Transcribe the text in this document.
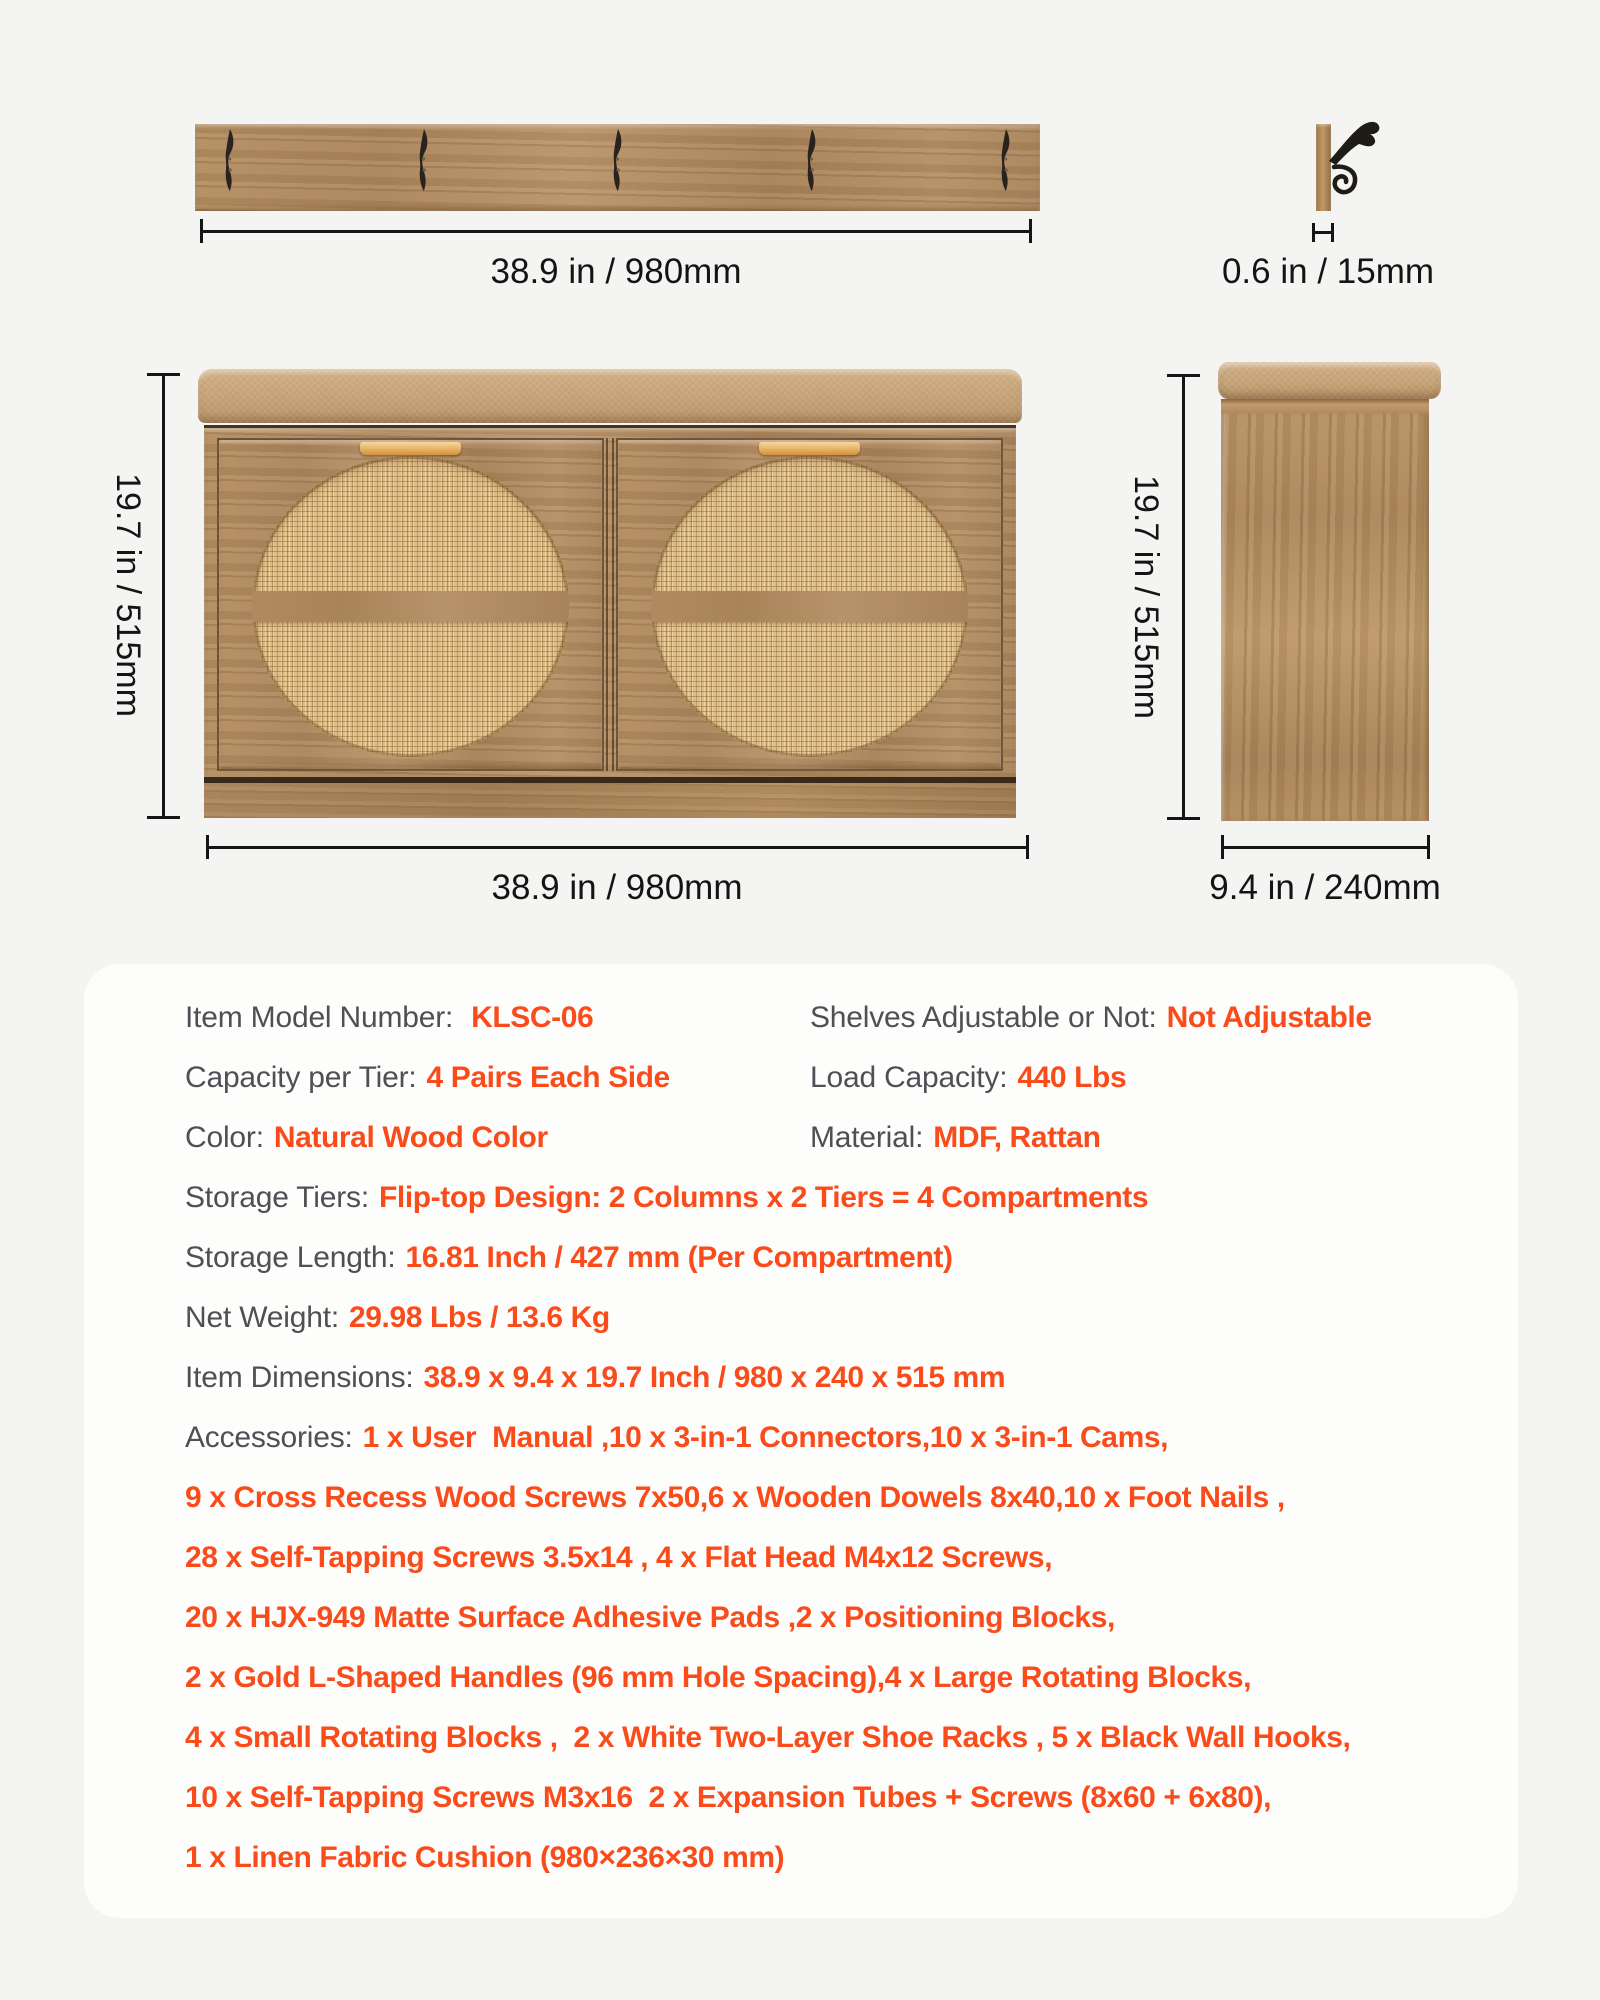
38.9 in / 980mm	0.6 in / 15mm
19.7 in / 515mm
38.9 in / 980mm
19.7 in / 515mm
9.4 in / 240mm
Item Model Number: KLSC-06	Shelves Adjustable or Not: Not Adjustable
Capacity per Tier: 4 Pairs Each Side	Load Capacity: 440 Lbs
Color: Natural Wood Color	Material: MDF, Rattan
Storage Tiers: Flip-top Design: 2 Columns x 2 Tiers = 4 Compartments
Storage Length: 16.81 Inch / 427 mm (Per Compartment)
Net Weight: 29.98 Lbs / 13.6 Kg
Item Dimensions: 38.9 x 9.4 x 19.7 Inch / 980 x 240 x 515 mm
Accessories: 1 x User  Manual ,10 x 3-in-1 Connectors,10 x 3-in-1 Cams,
9 x Cross Recess Wood Screws 7x50,6 x Wooden Dowels 8x40,10 x Foot Nails ,
28 x Self-Tapping Screws 3.5x14 , 4 x Flat Head M4x12 Screws,
20 x HJX-949 Matte Surface Adhesive Pads ,2 x Positioning Blocks,
2 x Gold L-Shaped Handles (96 mm Hole Spacing),4 x Large Rotating Blocks,
4 x Small Rotating Blocks ,  2 x White Two-Layer Shoe Racks , 5 x Black Wall Hooks,
10 x Self-Tapping Screws M3x16  2 x Expansion Tubes + Screws (8x60 + 6x80),
1 x Linen Fabric Cushion (980×236×30 mm)
